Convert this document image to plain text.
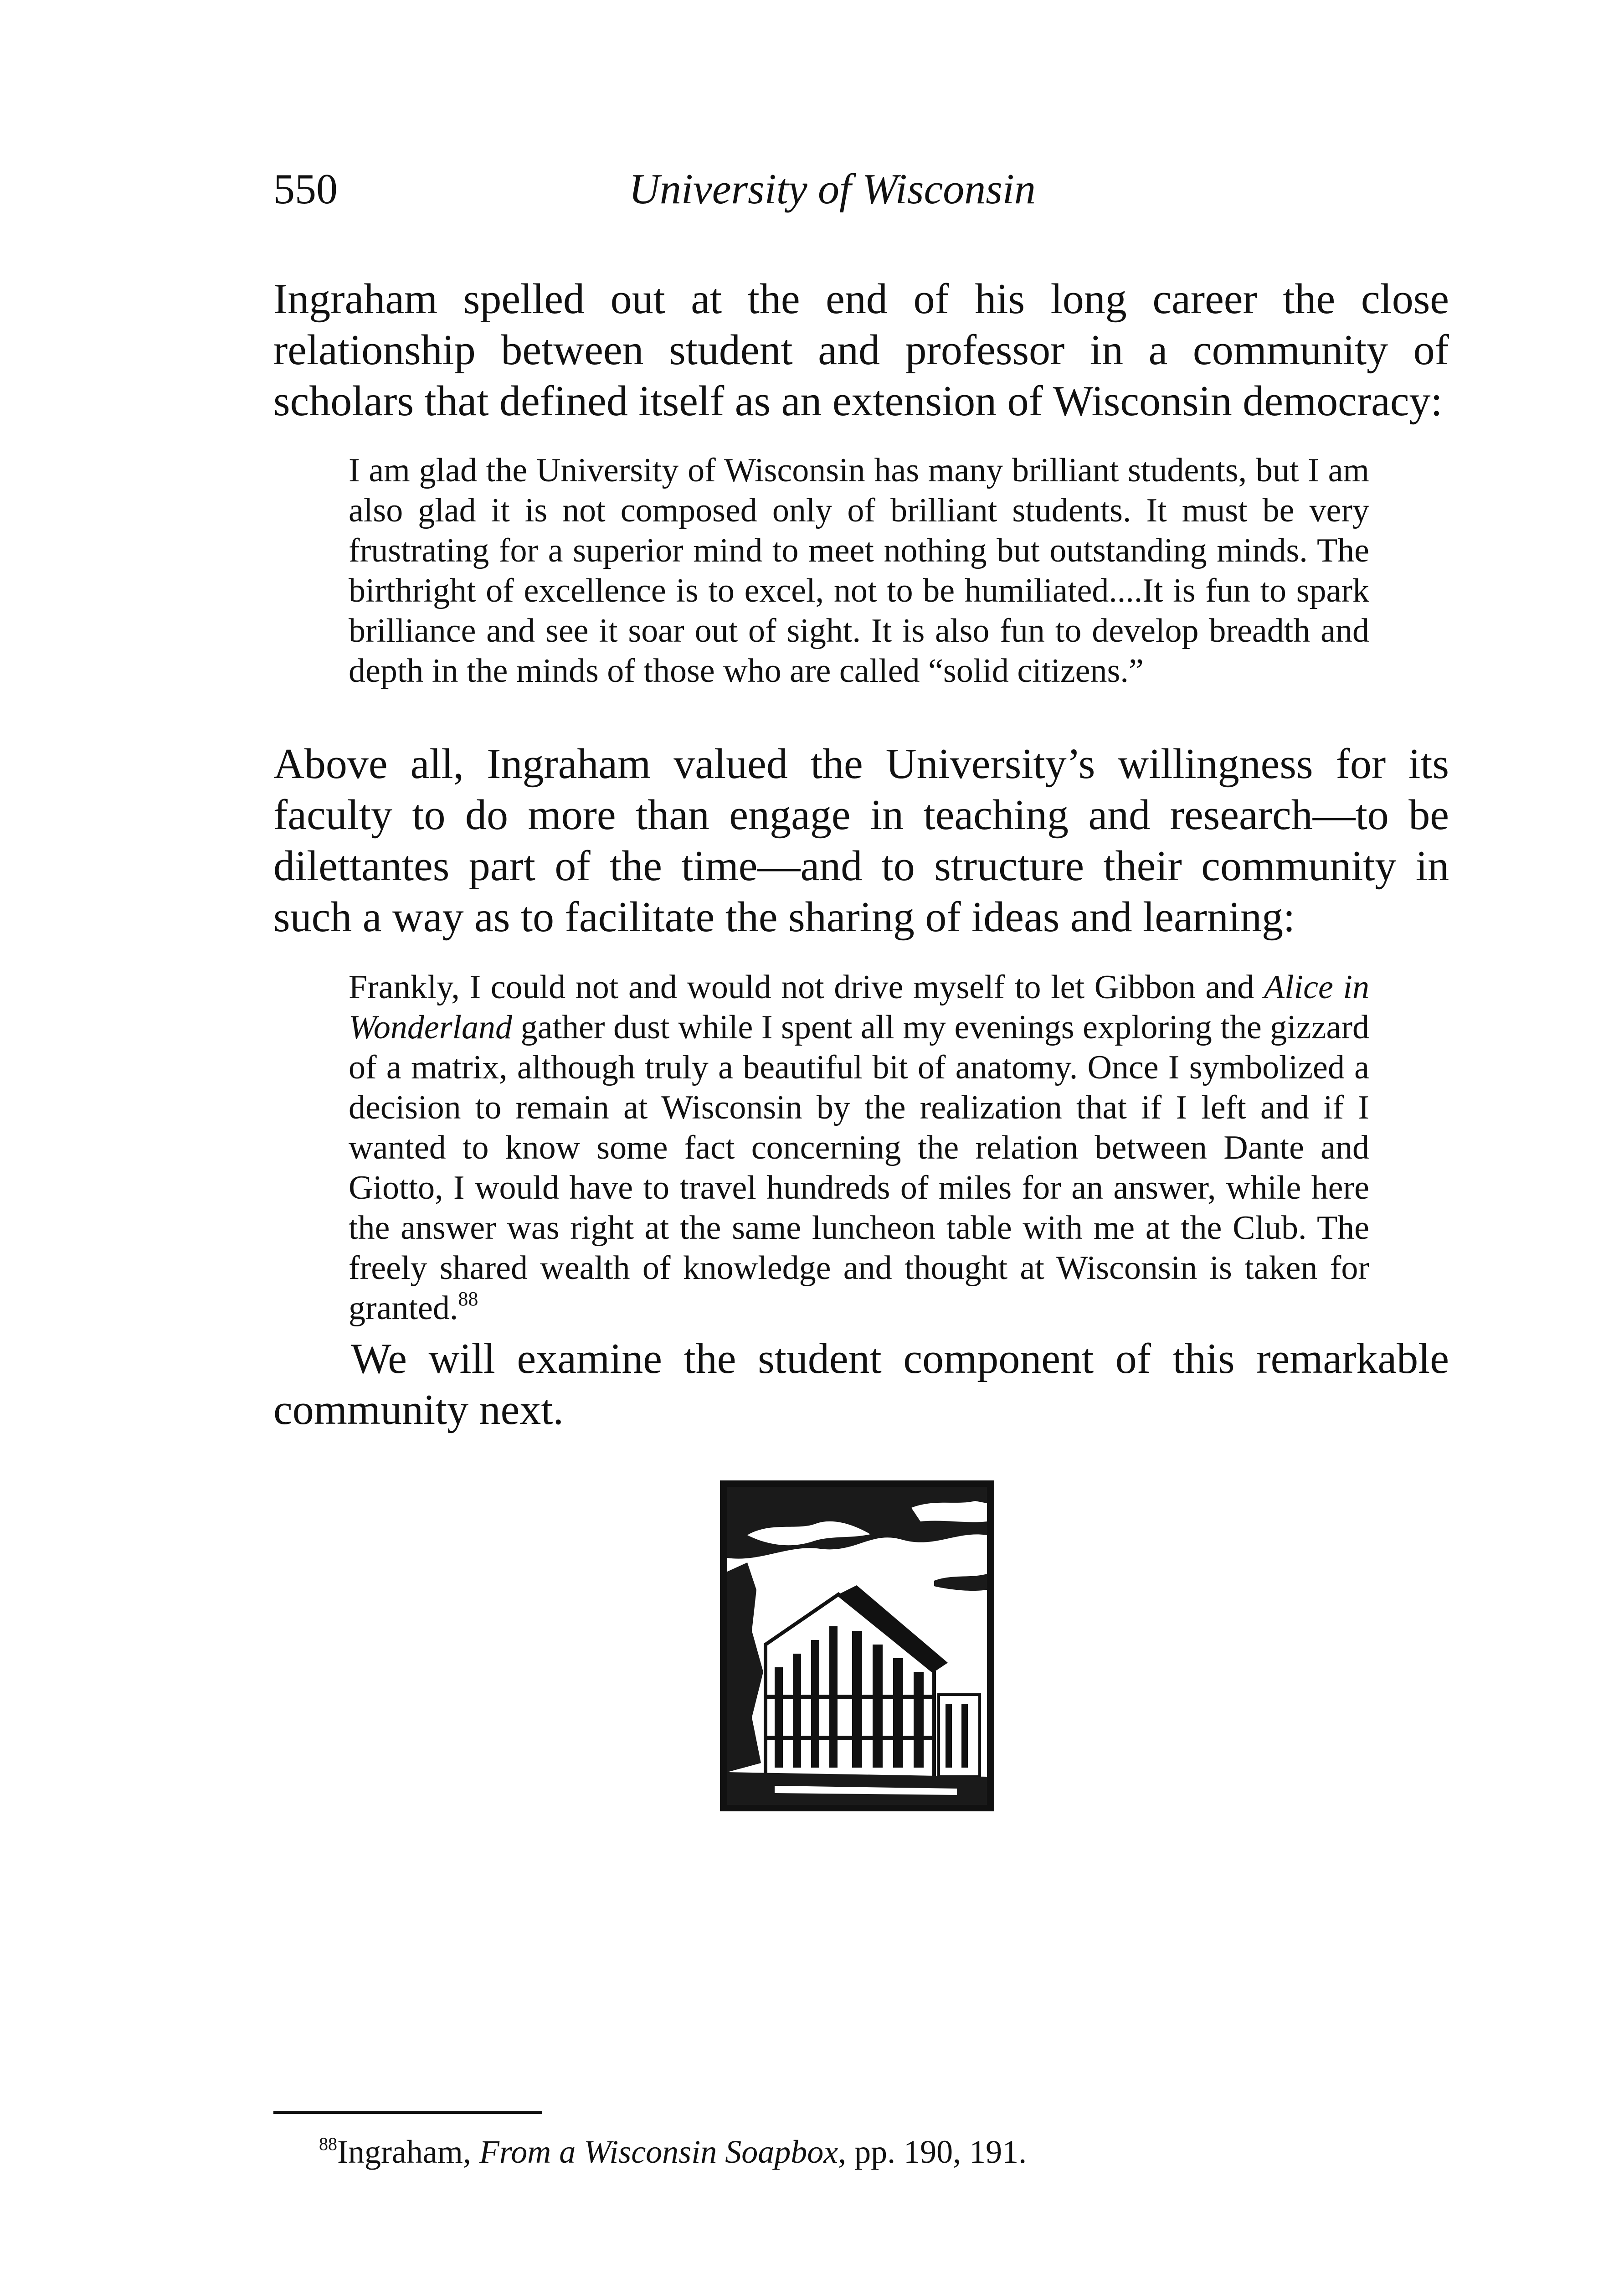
550	University of Wisconsin

Ingraham spelled out at the end of his long career the close relationship between student and professor in a community of scholars that defined itself as an extension of Wisconsin democracy:

I am glad the University of Wisconsin has many brilliant students, but I am also glad it is not composed only of brilliant students. It must be very frustrating for a superior mind to meet nothing but outstanding minds. The birthright of excellence is to excel, not to be humiliated....It is fun to spark brilliance and see it soar out of sight. It is also fun to develop breadth and depth in the minds of those who are called “solid citizens.”

Above all, Ingraham valued the University’s willingness for its faculty to do more than engage in teaching and research—to be dilettantes part of the time—and to structure their community in such a way as to facilitate the sharing of ideas and learning:

Frankly, I could not and would not drive myself to let Gibbon and Alice in Wonderland gather dust while I spent all my evenings exploring the gizzard of a matrix, although truly a beautiful bit of anatomy. Once I symbolized a decision to remain at Wisconsin by the realization that if I left and if I wanted to know some fact concerning the relation between Dante and Giotto, I would have to travel hundreds of miles for an answer, while here the answer was right at the same luncheon table with me at the Club. The freely shared wealth of knowledge and thought at Wisconsin is taken for granted.$^{88}$

We will examine the student component of this remarkable community next.

$^{88}$Ingraham, From a Wisconsin Soapbox, pp. 190, 191.
